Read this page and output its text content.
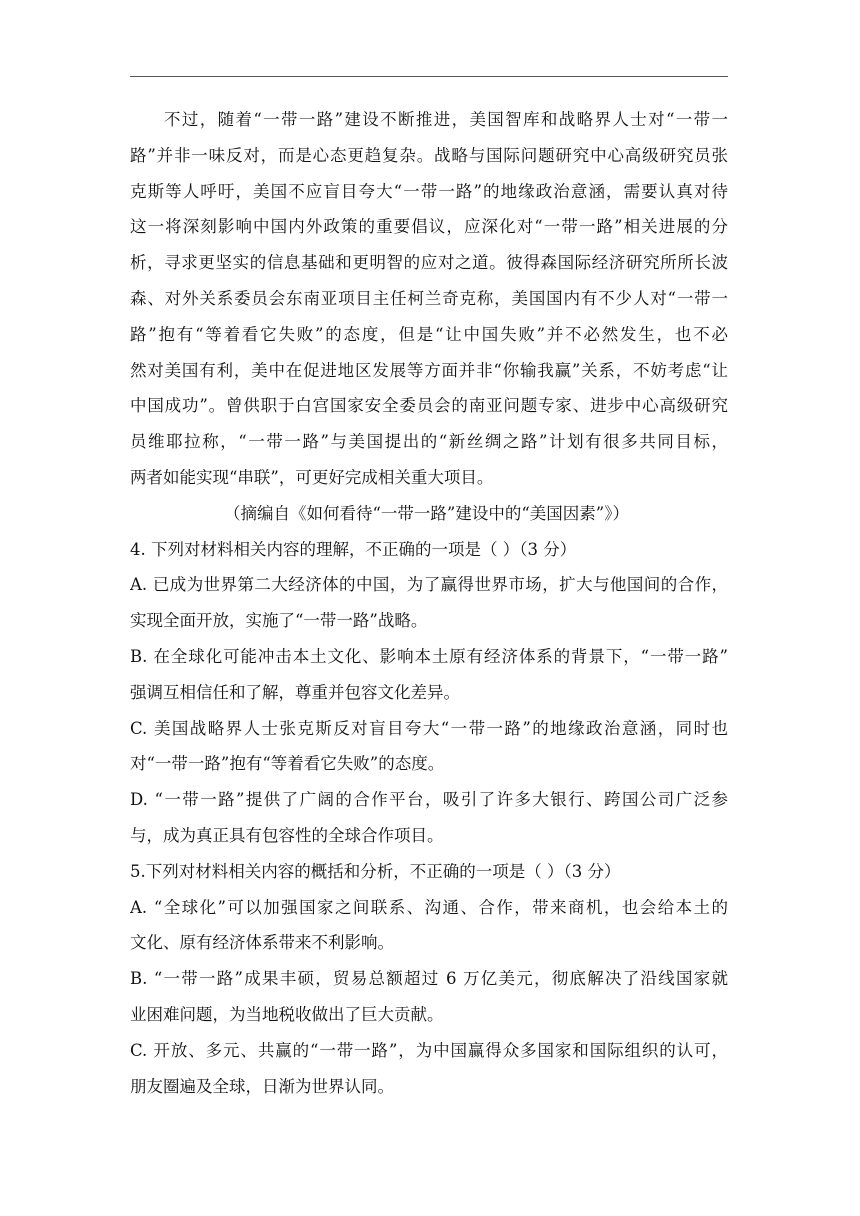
不过，随着“一带一路”建设不断推进，美国智库和战略界人士对“一带一
路”并非一味反对，而是心态更趋复杂。战略与国际问题研究中心高级研究员张
克斯等人呼吁，美国不应盲目夸大“一带一路”的地缘政治意涵，需要认真对待
这一将深刻影响中国内外政策的重要倡议，应深化对“一带一路”相关进展的分
析，寻求更坚实的信息基础和更明智的应对之道。彼得森国际经济研究所所长波
森、对外关系委员会东南亚项目主任柯兰奇克称，美国国内有不少人对“一带一
路”抱有“等着看它失败”的态度，但是“让中国失败”并不必然发生，也不必
然对美国有利，美中在促进地区发展等方面并非“你输我赢”关系，不妨考虑“让
中国成功”。曾供职于白宫国家安全委员会的南亚问题专家、进步中心高级研究
员维耶拉称，“一带一路”与美国提出的“新丝绸之路”计划有很多共同目标，
两者如能实现“串联”，可更好完成相关重大项目。
（摘编自《如何看待“一带一路”建设中的“美国因素”》）
4. 下列对材料相关内容的理解，不正确的一项是（ ）（3 分）
A. 已成为世界第二大经济体的中国，为了赢得世界市场，扩大与他国间的合作，
实现全面开放，实施了“一带一路”战略。
B. 在全球化可能冲击本土文化、影响本土原有经济体系的背景下，“一带一路”
强调互相信任和了解，尊重并包容文化差异。
C. 美国战略界人士张克斯反对盲目夸大“一带一路”的地缘政治意涵，同时也
对“一带一路”抱有“等着看它失败”的态度。
D. “一带一路”提供了广阔的合作平台，吸引了许多大银行、跨国公司广泛参
与，成为真正具有包容性的全球合作项目。
5.下列对材料相关内容的概括和分析，不正确的一项是（ ）（3 分）
A. “全球化”可以加强国家之间联系、沟通、合作，带来商机，也会给本土的
文化、原有经济体系带来不利影响。
B. “一带一路”成果丰硕，贸易总额超过 6 万亿美元，彻底解决了沿线国家就
业困难问题，为当地税收做出了巨大贡献。
C. 开放、多元、共赢的“一带一路”，为中国赢得众多国家和国际组织的认可，
朋友圈遍及全球，日渐为世界认同。
